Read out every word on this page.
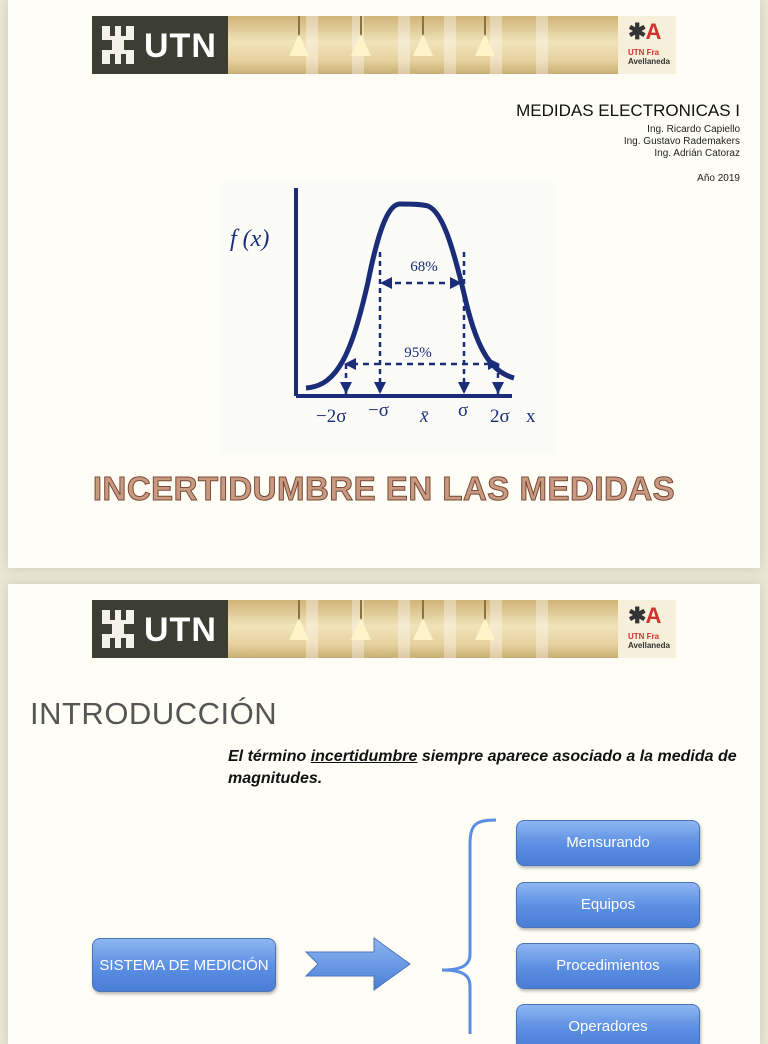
UTN	✱A
UTN Fra
Avellaneda
MEDIDAS ELECTRONICAS I
Ing. Ricardo Capiello
Ing. Gustavo Rademakers
Ing. Adrián Catoraz
Año 2019
f (x)
68%
95%
−2σ −σ x̄ σ 2σ x
INCERTIDUMBRE EN LAS MEDIDAS
UTN	✱A
UTN Fra
Avellaneda
INTRODUCCIÓN
El término incertidumbre siempre aparece asociado a la medida de magnitudes.
SISTEMA DE MEDICIÓN
Mensurando
Equipos
Procedimientos
Operadores
